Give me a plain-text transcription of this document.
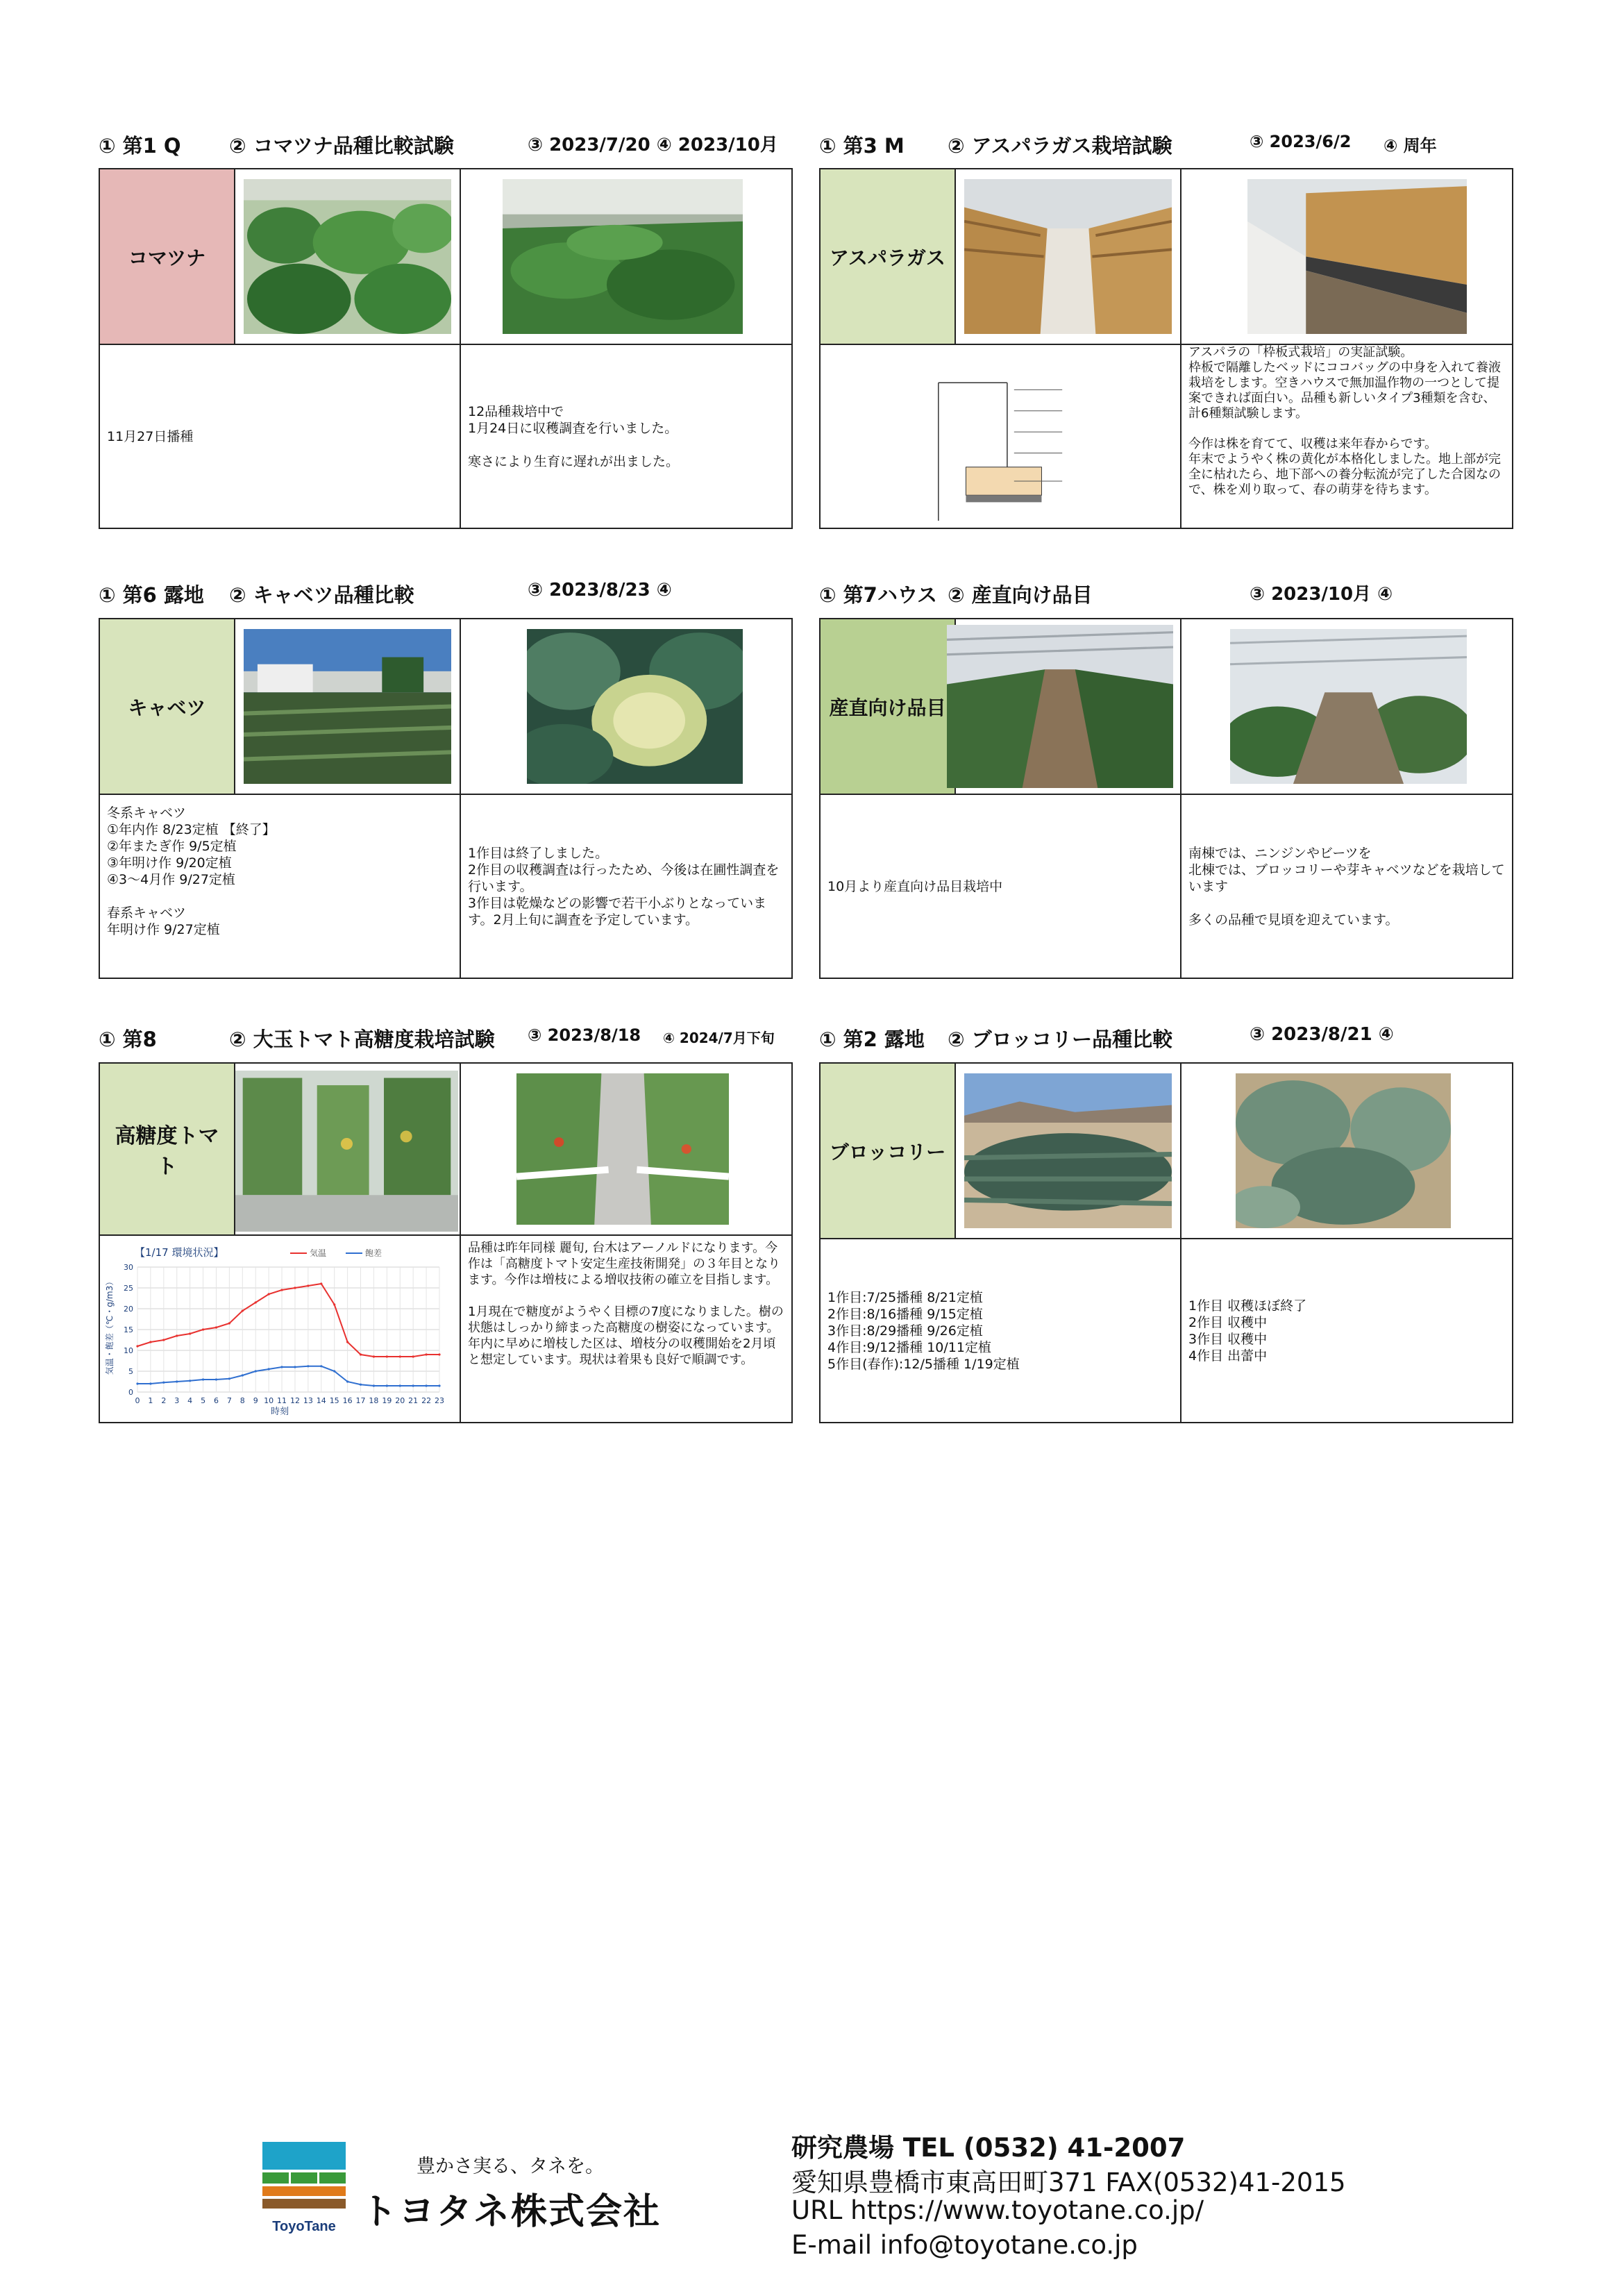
① 第1 Q ② コマツナ品種比較試験	③ 2023/7/20 ④ 2023/10月
コマツナ
11月27日播種
12品種栽培中で
1月24日に収穫調査を行いました。

寒さにより生育に遅れが出ました。
① 第3 M ② アスパラガス栽培試験	③ 2023/6/2 ④ 周年
アスパラガス

アスパラの「枠板式栽培」の実証試験。
枠板で隔離したベッドにココバッグの中身を入れて養液栽培をします。空きハウスで無加温作物の一つとして提案できれば面白い。品種も新しいタイプ3種類を含む、計6種類試験します。

今作は株を育てて、収穫は来年春からです。
年末でようやく株の黄化が本格化しました。地上部が完全に枯れたら、地下部への養分転流が完了した合図なので、株を刈り取って、春の萌芽を待ちます。
① 第6 露地 ② キャベツ品種比較	③ 2023/8/23 ④
キャベツ
冬系キャベツ
①年内作 8/23定植 【終了】
②年またぎ作 9/5定植
③年明け作 9/20定植
④3～4月作 9/27定植

春系キャベツ
年明け作 9/27定植
1作目は終了しました。
2作目の収穫調査は行ったため、今後は在圃性調査を行います。
3作目は乾燥などの影響で若干小ぶりとなっています。2月上旬に調査を予定しています。
① 第7ハウス ② 産直向け品目	③ 2023/10月 ④
産直向け品目
10月より産直向け品目栽培中
南棟では、ニンジンやビーツを
北棟では、ブロッコリーや芽キャベツなどを栽培しています

多くの品種で見頃を迎えています。
① 第8	② 大玉トマト高糖度栽培試験 ③ 2023/8/18 ④ 2024/7月下旬
高糖度トマト
【1/17 環境状況】	気温	飽差
0
5
10
15
20
25
30
0 1 2 3 4 5 6 7 8 9 10 11 12 13 14 15 16 17 18 19 20 21 22 23
時刻
気温・飽差（℃・g/m3）
品種は昨年同様 麗旬, 台木はアーノルドになります。今作は「高糖度トマト安定生産技術開発」の３年目となります。今作は増枝による増収技術の確立を目指します。

1月現在で糖度がようやく目標の7度になりました。樹の状態はしっかり締まった高糖度の樹姿になっています。年内に早めに増枝した区は、増枝分の収穫開始を2月頃と想定しています。現状は着果も良好で順調です。
① 第2 露地 ② ブロッコリー品種比較	③ 2023/8/21 ④
ブロッコリー
1作目:7/25播種 8/21定植
2作目:8/16播種 9/15定植
3作目:8/29播種 9/26定植
4作目:9/12播種 10/11定植
5作目(春作):12/5播種 1/19定植
1作目 収穫ほぼ終了
2作目 収穫中
3作目 収穫中
4作目 出蕾中
ToyoTane
豊かさ実る、タネを。
トヨタネ株式会社
研究農場 TEL (0532) 41-2007
愛知県豊橋市東高田町371 FAX(0532)41-2015
URL https://www.toyotane.co.jp/
E-mail info@toyotane.co.jp
